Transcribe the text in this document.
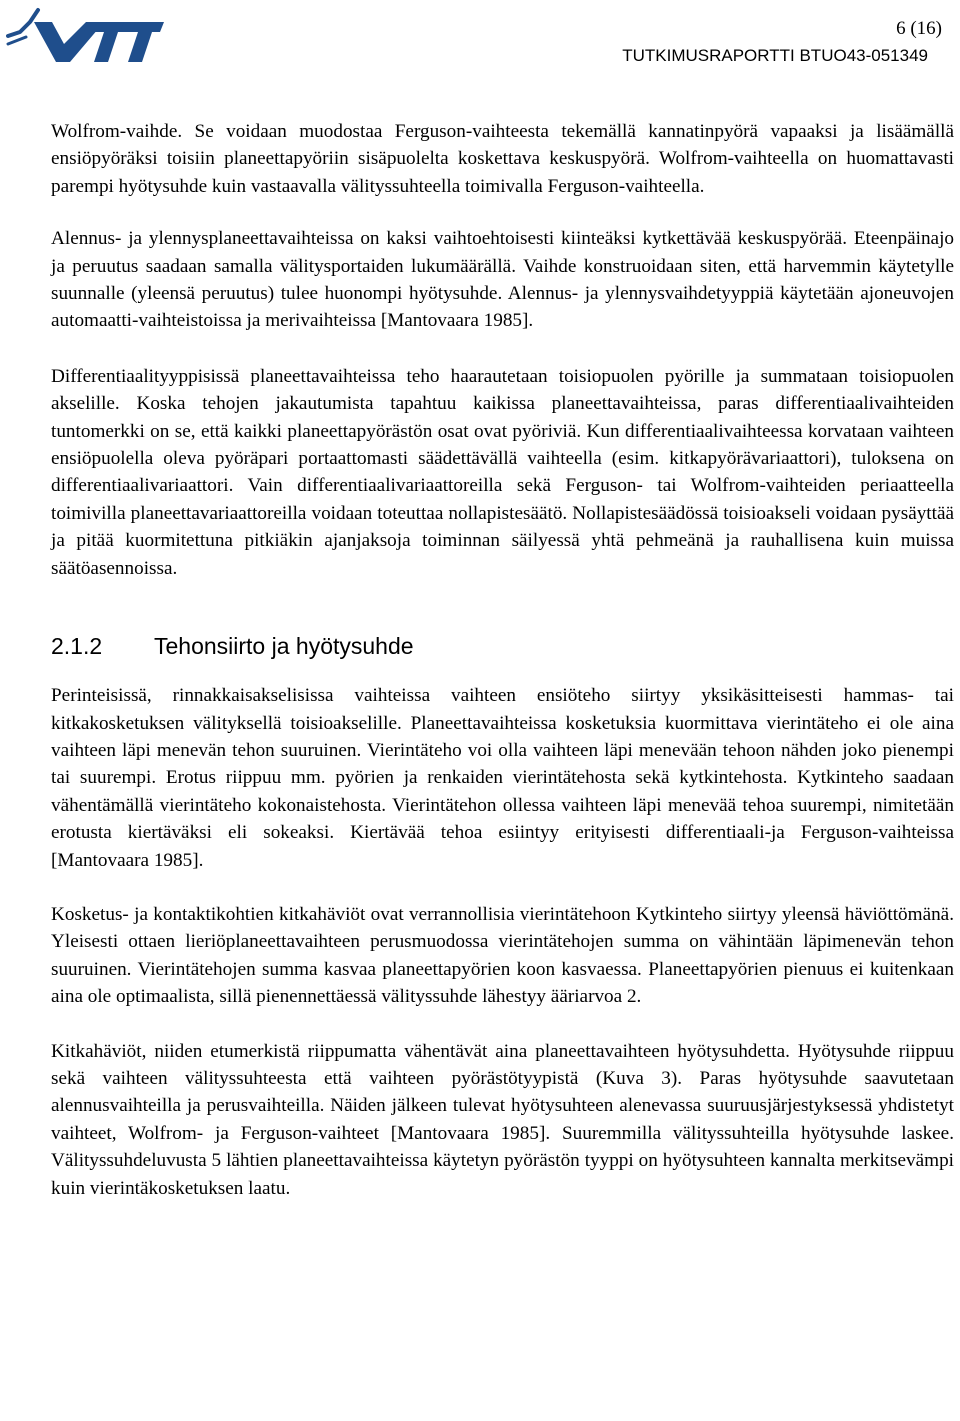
6 (16)
TUTKIMUSRAPORTTI BTUO43-051349

Wolfrom-vaihde. Se voidaan muodostaa Ferguson-vaihteesta tekemällä kannatinpyörä vapaaksi ja lisäämällä ensiöpyöräksi toisiin planeettapyöriin sisäpuolelta koskettava keskuspyörä. Wolfrom-vaihteella on huomattavasti parempi hyötysuhde kuin vastaavalla välityssuhteella toimivalla Ferguson-vaihteella.

Alennus- ja ylennysplaneettavaihteissa on kaksi vaihtoehtoisesti kiinteäksi kytkettävää keskuspyörää. Eteenpäinajo ja peruutus saadaan samalla välitysportaiden lukumäärällä. Vaihde konstruoidaan siten, että harvemmin käytetylle suunnalle (yleensä peruutus) tulee huonompi hyötysuhde. Alennus- ja ylennysvaihdetyyppiä käytetään ajoneuvojen automaatti-vaihteistoissa ja merivaihteissa [Mantovaara 1985].

Differentiaalityyppisissä planeettavaihteissa teho haarautetaan toisiopuolen pyörille ja summataan toisiopuolen akselille. Koska tehojen jakautumista tapahtuu kaikissa planeettavaihteissa, paras differentiaalivaihteiden tuntomerkki on se, että kaikki planeettapyörästön osat ovat pyöriviä. Kun differentiaalivaihteessa korvataan vaihteen ensiöpuolella oleva pyöräpari portaattomasti säädettävällä vaihteella (esim. kitkapyörävariaattori), tuloksena on differentiaalivariaattori. Vain differentiaalivariaattoreilla sekä Ferguson- tai Wolfrom-vaihteiden periaatteella toimivilla planeettavariaattoreilla voidaan toteuttaa nollapistesäätö. Nollapistesäädössä toisioakseli voidaan pysäyttää ja pitää kuormitettuna pitkiäkin ajanjaksoja toiminnan säilyessä yhtä pehmeänä ja rauhallisena kuin muissa säätöasennoissa.

2.1.2 Tehonsiirto ja hyötysuhde

Perinteisissä, rinnakkaisakselisissa vaihteissa vaihteen ensiöteho siirtyy yksikäsitteisesti hammas- tai kitkakosketuksen välityksellä toisioakselille. Planeettavaihteissa kosketuksia kuormittava vierintäteho ei ole aina vaihteen läpi menevän tehon suuruinen. Vierintäteho voi olla vaihteen läpi menevään tehoon nähden joko pienempi tai suurempi. Erotus riippuu mm. pyörien ja renkaiden vierintätehosta sekä kytkintehosta. Kytkinteho saadaan vähentämällä vierintäteho kokonaistehosta. Vierintätehon ollessa vaihteen läpi menevää tehoa suurempi, nimitetään erotusta kiertäväksi eli sokeaksi. Kiertävää tehoa esiintyy erityisesti differentiaali-ja Ferguson-vaihteissa [Mantovaara 1985].

Kosketus- ja kontaktikohtien kitkahäviöt ovat verrannollisia vierintätehoon Kytkinteho siirtyy yleensä häviöttömänä. Yleisesti ottaen lieriöplaneettavaihteen perusmuodossa vierintätehojen summa on vähintään läpimenevän tehon suuruinen. Vierintätehojen summa kasvaa planeettapyörien koon kasvaessa. Planeettapyörien pienuus ei kuitenkaan aina ole optimaalista, sillä pienennettäessä välityssuhde lähestyy ääriarvoa 2.

Kitkahäviöt, niiden etumerkistä riippumatta vähentävät aina planeettavaihteen hyötysuhdetta. Hyötysuhde riippuu sekä vaihteen välityssuhteesta että vaihteen pyörästötyypistä (Kuva 3). Paras hyötysuhde saavutetaan alennusvaihteilla ja perusvaihteilla. Näiden jälkeen tulevat hyötysuhteen alenevassa suuruusjärjestyksessä yhdistetyt vaihteet, Wolfrom- ja Ferguson-vaihteet [Mantovaara 1985]. Suuremmilla välityssuhteilla hyötysuhde laskee. Välityssuhdeluvusta 5 lähtien planeettavaihteissa käytetyn pyörästön tyyppi on hyötysuhteen kannalta merkitsevämpi kuin vierintäkosketuksen laatu.
